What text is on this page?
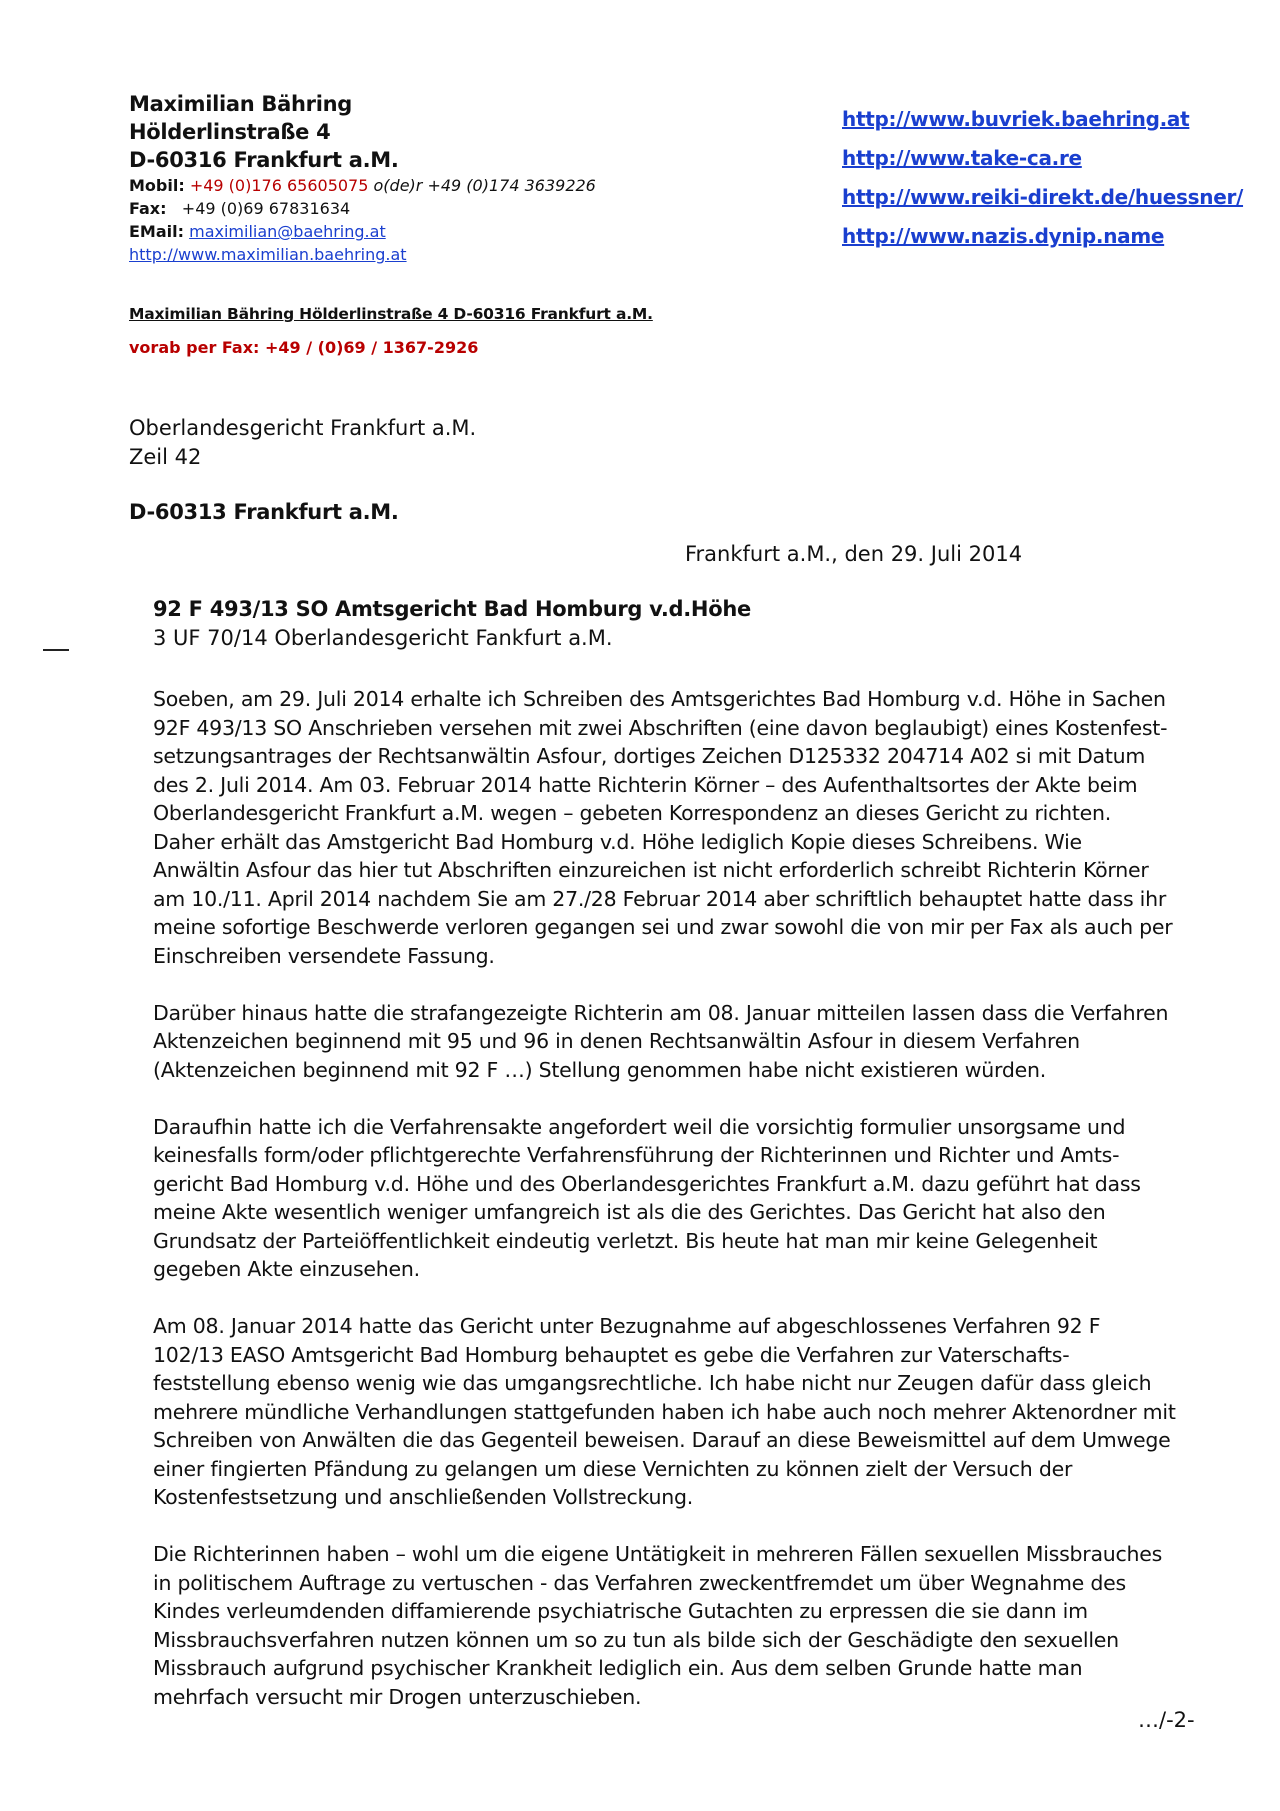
Maximilian Bähring
Hölderlinstraße 4
D-60316 Frankfurt a.M.
Mobil: +49 (0)176 65605075 o(de)r +49 (0)174 3639226
Fax: +49 (0)69 67831634
EMail: maximilian@baehring.at
http://www.maximilian.baehring.at
http://www.buvriek.baehring.at
http://www.take-ca.re
http://www.reiki-direkt.de/huessner/
http://www.nazis.dynip.name
Maximilian Bähring Hölderlinstraße 4 D-60316 Frankfurt a.M.
vorab per Fax: +49 / (0)69 / 1367-2926
Oberlandesgericht Frankfurt a.M.
Zeil 42
D-60313 Frankfurt a.M.
Frankfurt a.M., den 29. Juli 2014
92 F 493/13 SO Amtsgericht Bad Homburg v.d.Höhe
3 UF 70/14 Oberlandesgericht Fankfurt a.M.
Soeben, am 29. Juli 2014 erhalte ich Schreiben des Amtsgerichtes Bad Homburg v.d. Höhe in Sachen
92F 493/13 SO Anschrieben versehen mit zwei Abschriften (eine davon beglaubigt) eines Kostenfest-
setzungsantrages der Rechtsanwältin Asfour, dortiges Zeichen D125332 204714 A02 si mit Datum
des 2. Juli 2014. Am 03. Februar 2014 hatte Richterin Körner – des Aufenthaltsortes der Akte beim
Oberlandesgericht Frankfurt a.M. wegen – gebeten Korrespondenz an dieses Gericht zu richten.
Daher erhält das Amstgericht Bad Homburg v.d. Höhe lediglich Kopie dieses Schreibens. Wie
Anwältin Asfour das hier tut Abschriften einzureichen ist nicht erforderlich schreibt Richterin Körner
am 10./11. April 2014 nachdem Sie am 27./28 Februar 2014 aber schriftlich behauptet hatte dass ihr
meine sofortige Beschwerde verloren gegangen sei und zwar sowohl die von mir per Fax als auch per
Einschreiben versendete Fassung.
Darüber hinaus hatte die strafangezeigte Richterin am 08. Januar mitteilen lassen dass die Verfahren
Aktenzeichen beginnend mit 95 und 96 in denen Rechtsanwältin Asfour in diesem Verfahren
(Aktenzeichen beginnend mit 92 F …) Stellung genommen habe nicht existieren würden.
Daraufhin hatte ich die Verfahrensakte angefordert weil die vorsichtig formulier unsorgsame und
keinesfalls form/oder pflichtgerechte Verfahrensführung der Richterinnen und Richter und Amts-
gericht Bad Homburg v.d. Höhe und des Oberlandesgerichtes Frankfurt a.M. dazu geführt hat dass
meine Akte wesentlich weniger umfangreich ist als die des Gerichtes. Das Gericht hat also den
Grundsatz der Parteiöffentlichkeit eindeutig verletzt. Bis heute hat man mir keine Gelegenheit
gegeben Akte einzusehen.
Am 08. Januar 2014 hatte das Gericht unter Bezugnahme auf abgeschlossenes Verfahren 92 F
102/13 EASO Amtsgericht Bad Homburg behauptet es gebe die Verfahren zur Vaterschafts-
feststellung ebenso wenig wie das umgangsrechtliche. Ich habe nicht nur Zeugen dafür dass gleich
mehrere mündliche Verhandlungen stattgefunden haben ich habe auch noch mehrer Aktenordner mit
Schreiben von Anwälten die das Gegenteil beweisen. Darauf an diese Beweismittel auf dem Umwege
einer fingierten Pfändung zu gelangen um diese Vernichten zu können zielt der Versuch der
Kostenfestsetzung und anschließenden Vollstreckung.
Die Richterinnen haben – wohl um die eigene Untätigkeit in mehreren Fällen sexuellen Missbrauches
in politischem Auftrage zu vertuschen - das Verfahren zweckentfremdet um über Wegnahme des
Kindes verleumdenden diffamierende psychiatrische Gutachten zu erpressen die sie dann im
Missbrauchsverfahren nutzen können um so zu tun als bilde sich der Geschädigte den sexuellen
Missbrauch aufgrund psychischer Krankheit lediglich ein. Aus dem selben Grunde hatte man
mehrfach versucht mir Drogen unterzuschieben.
…/-2-
